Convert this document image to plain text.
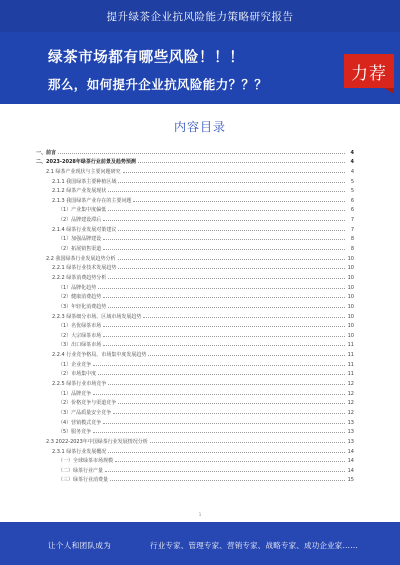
提升绿茶企业抗风险能力策略研究报告
绿茶市场都有哪些风险！！！
那么，如何提升企业抗风险能力？？？
力荐
内容目录
一、前言	4
二、2023-2028年绿茶行业前景及趋势预测	4
2.1 绿茶产业现状与主要问题研究	4
2.1.1 我国绿茶主要种植区域	5
2.1.2 绿茶产业发展现状	5
2.1.3 我国绿茶产业存在的主要问题	6
（1）产业集中度偏低	6
（2）品牌建设滞后	7
2.1.4 绿茶行业发展对策建议	7
（1）加强品牌建设	8
（2）拓展销售渠道	8
2.2 我国绿茶行业发展趋势分析	10
2.2.1 绿茶行业技术发展趋势	10
2.2.2 绿茶消费趋势分析	10
（1）品牌化趋势	10
（2）健康消费趋势	10
（3）年轻化消费趋势	10
2.2.3 绿茶细分市场、区域市场发展趋势	10
（1）名优绿茶市场	10
（2）大宗绿茶市场	10
（3）出口绿茶市场	11
2.2.4 行业竞争格局、市场集中度发展趋势	11
（1）企业竞争	11
（2）市场集中度	11
2.2.5 绿茶行业市场竞争	12
（1）品牌竞争	12
（2）价格竞争与渠道竞争	12
（3）产品质量安全竞争	12
（4）营销模式竞争	13
（5）服务竞争	13
2.3 2022-2023年中国绿茶行业发展情况分析	13
2.3.1 绿茶行业发展概况	14
（一）全球绿茶市场规模	14
（二）绿茶行业产量	14
（三）绿茶行业消费量	15
1
让个人和团队成为	行业专家、管理专家、营销专家、战略专家、成功企业家……
